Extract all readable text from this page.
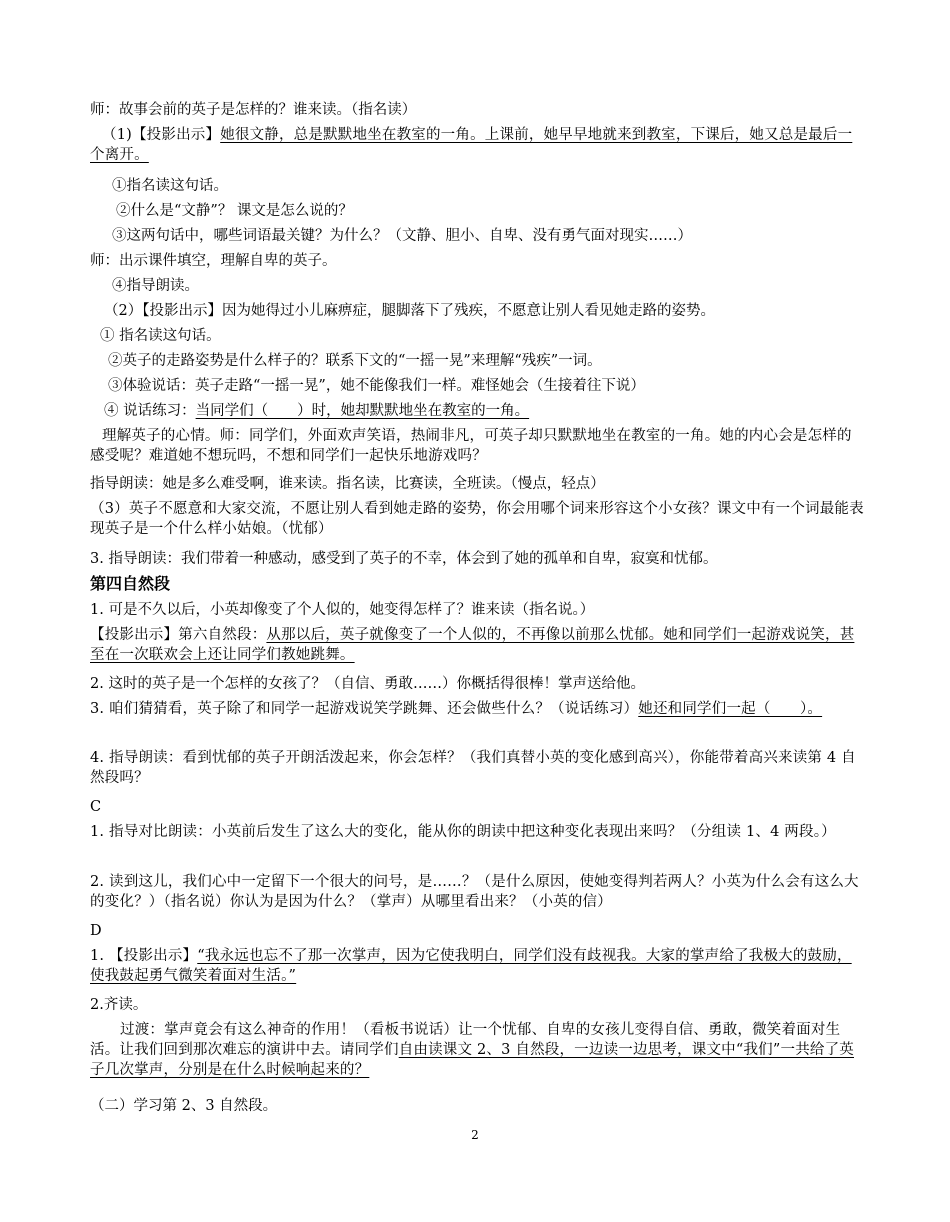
师：故事会前的英子是怎样的？谁来读。（指名读）
（1)【投影出示】她很文静，总是默默地坐在教室的一角。上课前，她早早地就来到教室，下课后，她又总是最后一个离开。
①指名读这句话。
②什么是“文静”？ 课文是怎么说的？
③这两句话中，哪些词语最关键？为什么？（文静、胆小、自卑、没有勇气面对现实……）
师：出示课件填空，理解自卑的英子。
④指导朗读。
（2）【投影出示】因为她得过小儿麻痹症，腿脚落下了残疾，不愿意让别人看见她走路的姿势。
① 指名读这句话。
②英子的走路姿势是什么样子的？联系下文的“一摇一晃”来理解“残疾”一词。
③体验说话：英子走路“一摇一晃”，她不能像我们一样。难怪她会（生接着往下说）
④ 说话练习：当同学们（　　）时，她却默默地坐在教室的一角。
理解英子的心情。师：同学们，外面欢声笑语，热闹非凡，可英子却只默默地坐在教室的一角。她的内心会是怎样的感受呢？难道她不想玩吗，不想和同学们一起快乐地游戏吗？
指导朗读：她是多么难受啊，谁来读。指名读，比赛读，全班读。（慢点，轻点）
（3）英子不愿意和大家交流，不愿让别人看到她走路的姿势，你会用哪个词来形容这个小女孩？课文中有一个词最能表现英子是一个什么样小姑娘。（忧郁）
3. 指导朗读：我们带着一种感动，感受到了英子的不幸，体会到了她的孤单和自卑，寂寞和忧郁。
第四自然段
1. 可是不久以后，小英却像变了个人似的，她变得怎样了？谁来读（指名说。）
【投影出示】第六自然段：从那以后，英子就像变了一个人似的，不再像以前那么忧郁。她和同学们一起游戏说笑，甚至在一次联欢会上还让同学们教她跳舞。
2. 这时的英子是一个怎样的女孩了？（自信、勇敢……）你概括得很棒！掌声送给他。
3. 咱们猜猜看，英子除了和同学一起游戏说笑学跳舞、还会做些什么？（说话练习）她还和同学们一起（　　）。
4. 指导朗读：看到忧郁的英子开朗活泼起来，你会怎样？（我们真替小英的变化感到高兴），你能带着高兴来读第 4 自然段吗？
C
1. 指导对比朗读：小英前后发生了这么大的变化，能从你的朗读中把这种变化表现出来吗？（分组读 1、4 两段。）
2. 读到这儿，我们心中一定留下一个很大的问号，是……？（是什么原因，使她变得判若两人？小英为什么会有这么大的变化？）（指名说）你认为是因为什么？（掌声）从哪里看出来？（小英的信）
D
1. 【投影出示】“我永远也忘不了那一次掌声，因为它使我明白，同学们没有歧视我。大家的掌声给了我极大的鼓励，使我鼓起勇气微笑着面对生活。”
2.齐读。
过渡：掌声竟会有这么神奇的作用！（看板书说话）让一个忧郁、自卑的女孩儿变得自信、勇敢，微笑着面对生活。让我们回到那次难忘的演讲中去。请同学们自由读课文 2、3 自然段，一边读一边思考，课文中“我们”一共给了英子几次掌声，分别是在什么时候响起来的？
（二）学习第 2、3 自然段。
2
